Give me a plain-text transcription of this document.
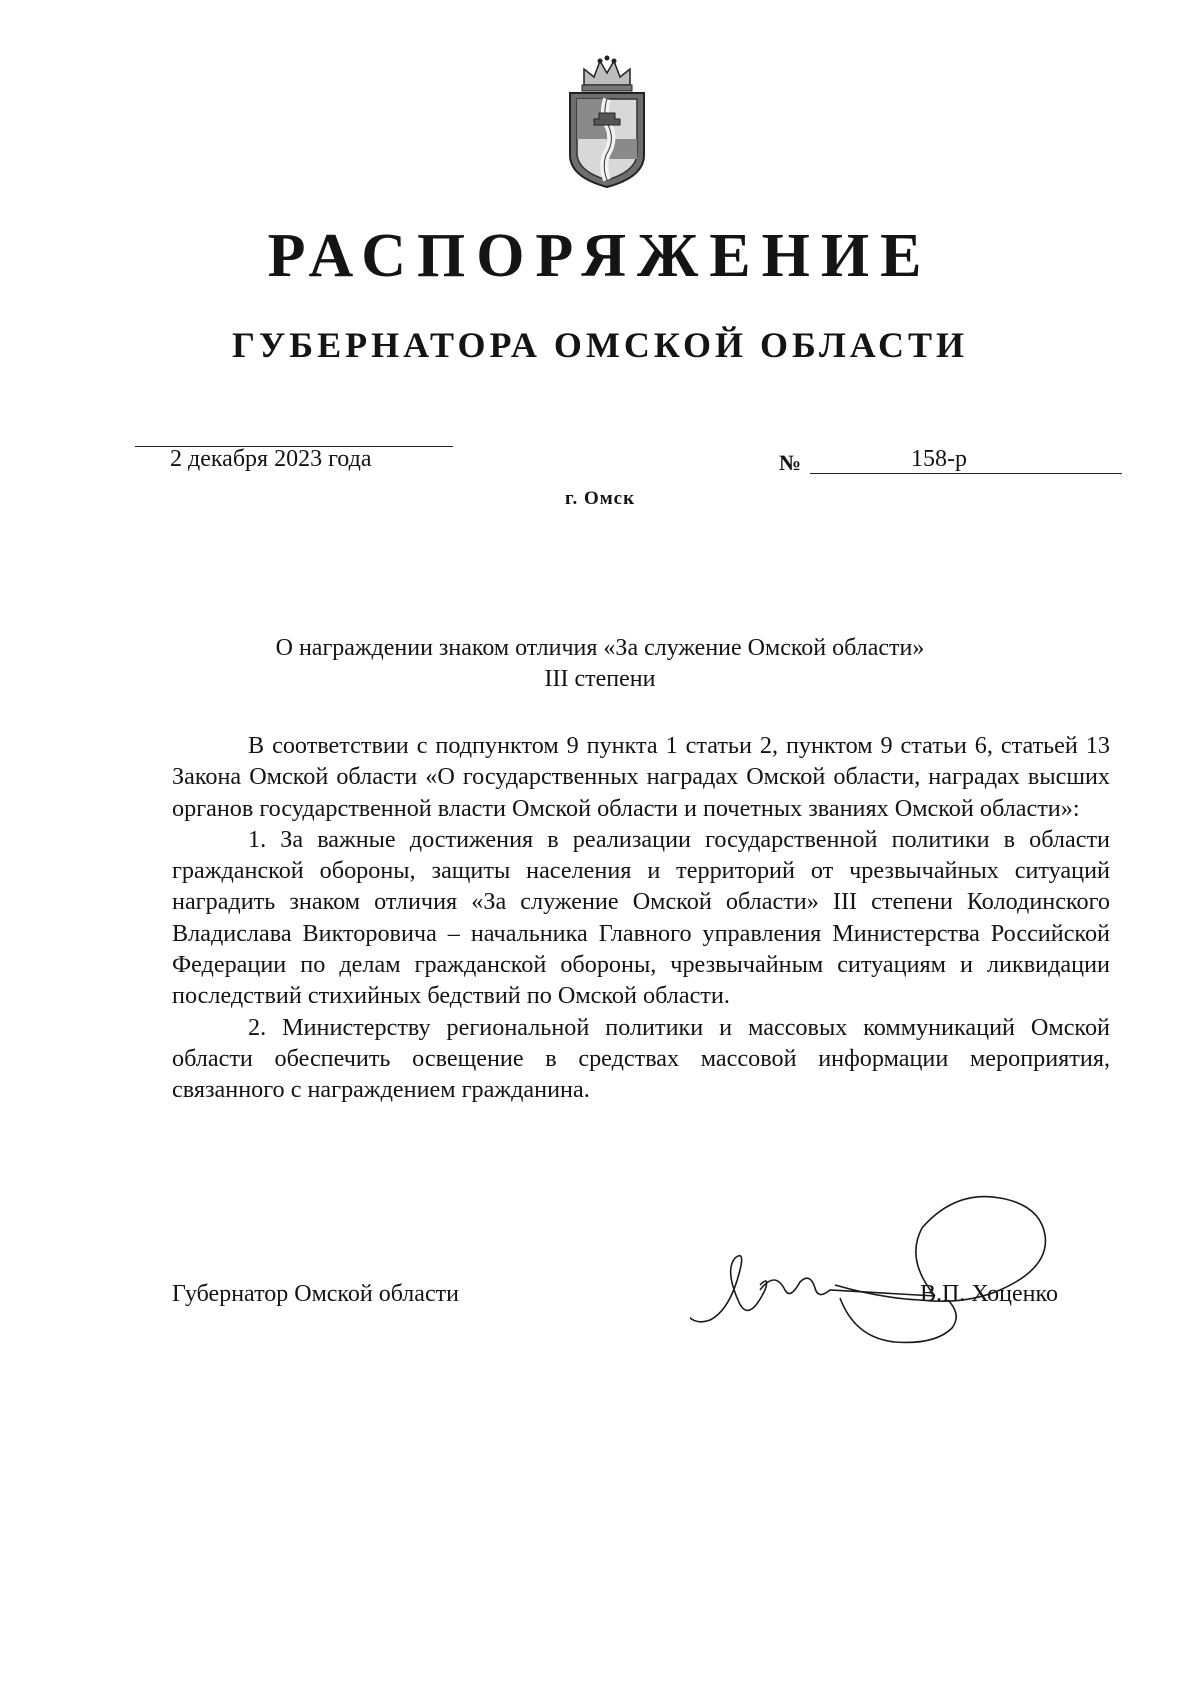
РАСПОРЯЖЕНИЕ
ГУБЕРНАТОРА ОМСКОЙ ОБЛАСТИ
2 декабря 2023 года	№	158-р
г. Омск
О награждении знаком отличия «За служение Омской области»
III степени

В соответствии с подпунктом 9 пункта 1 статьи 2, пунктом 9 статьи 6, статьей 13 Закона Омской области «О государственных наградах Омской области, наградах высших органов государственной власти Омской области и почетных званиях Омской области»:

1. За важные достижения в реализации государственной политики в области гражданской обороны, защиты населения и территорий от чрезвычайных ситуаций наградить знаком отличия «За служение Омской области» III степени Колодинского Владислава Викторовича – начальника Главного управления Министерства Российской Федерации по делам гражданской обороны, чрезвычайным ситуациям и ликвидации последствий стихийных бедствий по Омской области.

2. Министерству региональной политики и массовых коммуникаций Омской области обеспечить освещение в средствах массовой информации мероприятия, связанного с награждением гражданина.

Губернатор Омской области	В.П. Хоценко
